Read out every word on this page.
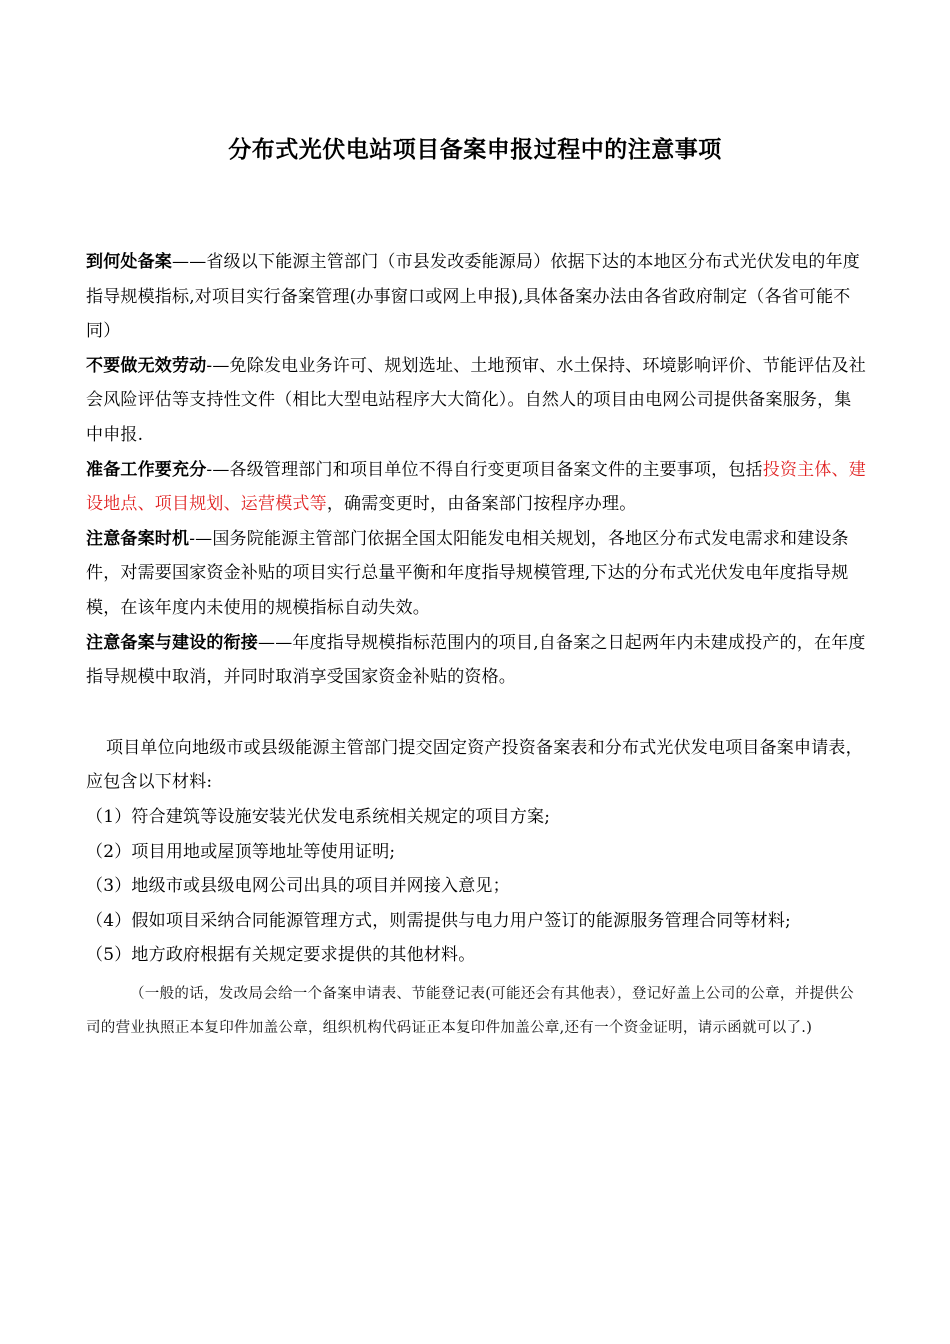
分布式光伏电站项目备案申报过程中的注意事项

到何处备案——省级以下能源主管部门（市县发改委能源局）依据下达的本地区分布式光伏发电的年度指导规模指标,对项目实行备案管理(办事窗口或网上申报),具体备案办法由各省政府制定（各省可能不同）

不要做无效劳动-—免除发电业务许可、规划选址、土地预审、水土保持、环境影响评价、节能评估及社会风险评估等支持性文件（相比大型电站程序大大简化）。自然人的项目由电网公司提供备案服务，集中申报.

准备工作要充分-—各级管理部门和项目单位不得自行变更项目备案文件的主要事项，包括投资主体、建设地点、项目规划、运营模式等，确需变更时，由备案部门按程序办理。

注意备案时机-—国务院能源主管部门依据全国太阳能发电相关规划，各地区分布式发电需求和建设条件，对需要国家资金补贴的项目实行总量平衡和年度指导规模管理,下达的分布式光伏发电年度指导规模，在该年度内未使用的规模指标自动失效。

注意备案与建设的衔接——年度指导规模指标范围内的项目,自备案之日起两年内未建成投产的，在年度指导规模中取消，并同时取消享受国家资金补贴的资格。

项目单位向地级市或县级能源主管部门提交固定资产投资备案表和分布式光伏发电项目备案申请表，应包含以下材料:

（1）符合建筑等设施安装光伏发电系统相关规定的项目方案;

（2）项目用地或屋顶等地址等使用证明;

（3）地级市或县级电网公司出具的项目并网接入意见；

（4）假如项目采纳合同能源管理方式，则需提供与电力用户签订的能源服务管理合同等材料;

（5）地方政府根据有关规定要求提供的其他材料。

（一般的话，发改局会给一个备案申请表、节能登记表(可能还会有其他表），登记好盖上公司的公章，并提供公司的营业执照正本复印件加盖公章，组织机构代码证正本复印件加盖公章,还有一个资金证明，请示函就可以了.)
